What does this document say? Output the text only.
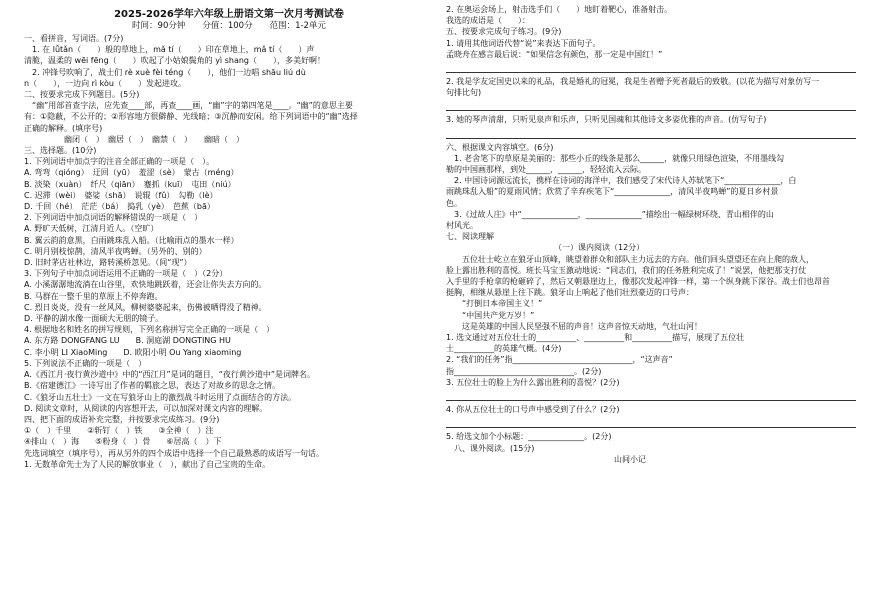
2025-2026学年六年级上册语文第一次月考测试卷
时间：90分钟　　分值：100分　　范围：1-2单元
一、看拼音，写词语。(7分)
　1. 在 lǚtǎn（　　）般的草地上，mǎ tí（　　）印在草地上，mǎ tí（　　）声
清脆，温柔的 wēi fēng（　　）吹起了小姑娘鬓角的 yì shang（　　），多美好啊！
　2. 冲锋号吹响了，战士们 rè xuè fèi téng（　　），他们一边唱 shāu liú dù
n（　　），一边向 rì kòu（　　）发起进攻。
二、按要求完成下列题目。(5分)
　“幽”用部首查字法，应先查____部，再查____画，“幽”字的第四笔是____。“幽”的意思主要
有：①隐蔽，不公开的；②形容地方很僻静、光线暗；③沉静而安闲。给下列词语中的“幽”选择
正确的解释。(填序号)
　　　　　幽闭（　）　幽居（　）　幽禁（　）　　幽暗（　）
三、选择题。(10分)
1. 下列词语中加点字的注音全部正确的一项是（　）。
A. 弯弯（qióng）　迂回（yū）　羞涩（sè）　蒙古（méng）
B. 淡染（xuàn）　纤尺（qiān）　蹇抓（kuī）　屯田（niú）
C. 迟滞（wèi）　婆娑（shā）　说辊（fǔ）　勾勒（lè）
D. 千回（hé）　茫茫（bá）　捣乳（yè）　芭蕉（bā）
2. 下列词语中加点词语的解释错误的一项是（　）
A. 野旷天低树，江清月近人。（空旷）
B. 翼云韵韵意黑，白雨跳珠乱入船。（比喻雨点的墨水一样）
C. 明月别枝惊鹊，清风半夜鸣蝉。（另外的、别的）
D. 旧时茅店社林边，路转溪桥忽见。（间“现”）
3. 下列句子中加点词语运用不正确的一项是（　）（2分）
A. 小溪潺潺地流淌在山谷里，欢快地跳跃着，还会让你失去方向的。
B. 马群在一整千里的草原上不停奔跑。
C. 烈日炎炎，没有一丝风风，柳树婆婆起来，伤佛被晒得没了精神。
D. 平静的湖水像一面硕大无朋的镜子。
4. 根据地名和姓名的拼写规则，下列名称拼写完全正确的一项是（　）
A. 东方路 DONGFANG LU　　B. 洞庭湖 DONGTING HU
C. 李小明 LI XiaoMing　　D. 欧阳小明 Ou Yang xiaoming
5. 下列说法不正确的一项是（　）
A.《西江月·夜行黄沙道中》中的“西江月”是词的题目，“夜行黄沙道中”是词牌名。
B.《宿建德江》一诗写出了作者的羁旅之思，表达了对故乡的思念之情。
C.《狼牙山五壮士》一文在写狼牙山上的激烈战斗时运用了点面结合的方法。
D. 阅读文章时，从阅读的内容想开去，可以加深对课文内容的理解。
四、把下面的成语补充完整，并按要求完成练习。(9分)
①（　）千里　　②斩钉（　）铁　　③全神（　）注
④排山（　）海　　⑤粉身（　）骨　　⑥居高（　）下
先选词填空（填序号），再从另外的四个成语中选择一个自己最熟悉的成语写一句话。
1. 无数革命先士为了人民的解放事业（　），献出了自己宝贵的生命。
2. 在奥运会场上，射击选手们（　　）地盯着靶心，准备射击。
我选的成语是（　　）：
五、按要求完成句子练习。(9分)
1. 请用其他词语代替“说”来表达下面句子。
孟晓舟在感言最后说：“如果信念有颜色，那一定是中国红！”
2. 我是学友定国史以来的礼品，我是婚礼的冠冕，我是生者赠予死者最后的致敬。(以花为描写对象仿写一
句排比句)
3. 她的琴声清甜，只听见泉声和乐声，只听见国魂和其他诗文多姿优雅的声音。(仿写句子)
六、根据课文内容填空。(6分)
　1. 老舍笔下的草原是美丽的：那些小丘的线条是那么______，就像只用绿色渲染，不用墨线勾
勒的中国画那样，到处______，______，轻轻流入云际。
　2. 中国诗词源远流长，携样在诗词的海洋中，我们感受了宋代诗人苏轼笔下“______________，白
雨跳珠乱入船”的夏雨风情；欣赏了辛弃疾笔下“______________，清风半夜鸣蝉”的夏日乡村景
色。
　3.《过故人庄》中“______________，______________”描绘出一幅绿树环绕、青山相伴的山
村风光。
七、阅读理解
　　　　　　　　　　　　　　（一）课内阅读（12分）
　　五位壮士屹立在狼牙山顶峰，眺望着群众和部队主力远去的方向。他们回头望望还在向上爬的敌人，
脸上露出胜利的喜悦。班长马宝玉激动地说：“同志们，我们的任务胜利完成了！”说罢，他把那支打仗
入手里的手枪拿的枪砸碎了，然后又朝悬崖边上，像那次发起冲锋一样，第一个纵身跳下深谷。战士们也昂首
挺胸，相继从悬崖上往下跳。狼牙山上响起了他们壮烈豪迈的口号声：
　　“打倒日本帝国主义！”
　　“中国共产党万岁！”
　　这是英雄的中国人民坚强不屈的声音！这声音惊天动地，气壮山河！
1. 选文通过对五位壮士的__________、__________和__________描写，展现了五位壮
士__________的英雄气概。(4分)
2. “我们的任务”指______________________________，“这声音”
指______________________________。(2分)
3. 五位壮士的脸上为什么露出胜利的喜悦？(2分)
4. 你从五位壮士的口号声中感受到了什么？(2分)
5. 给选文加个小标题：______________。(2分)
　八、课外阅读。(15分)
　　　　　　　　　　　　　　　　　　　　　山间小记
